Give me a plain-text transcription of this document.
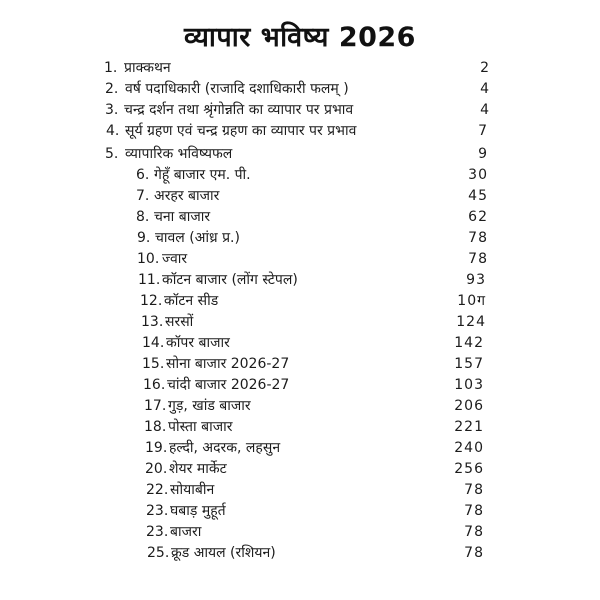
व्यापार भविष्य 2026
1. प्राक्कथन	2
2. वर्ष पदाधिकारी (राजादि दशाधिकारी फलम् )	4
3. चन्द्र दर्शन तथा श्रृंगोन्नति का व्यापार पर प्रभाव	4
4. सूर्य ग्रहण एवं चन्द्र ग्रहण का व्यापार पर प्रभाव	7
5. व्यापारिक भविष्यफल	9
6. गेहूँ बाजार एम. पी.	30
7. अरहर बाजार	45
8. चना बाजार	62
9. चावल (आंध्र प्र.)	78
10. ज्वार	78
11. कॉटन बाजार (लोंग स्टेपल)	93
12. कॉटन सीड	10ग
13. सरसों	124
14. कॉपर बाजार	142
15. सोना बाजार 2026-27	157
16. चांदी बाजार 2026-27	103
17. गुड़, खांड बाजार	206
18. पोस्ता बाजार	221
19. हल्दी, अदरक, लहसुन	240
20. शेयर मार्केट	256
22. सोयाबीन	78
23. घबाड़ मुहूर्त	78
23. बाजरा	78
25. क्रूड आयल (रशियन)	78
